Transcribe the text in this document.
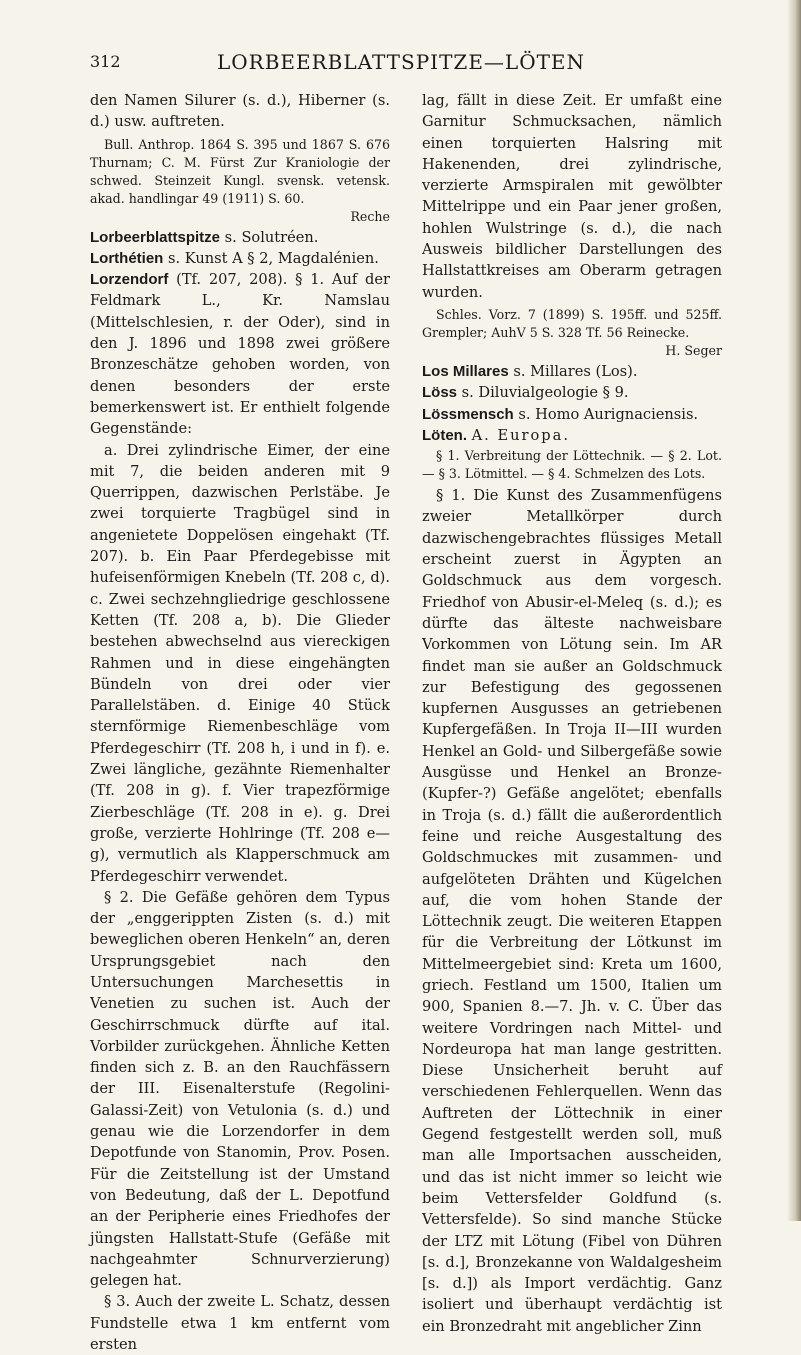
312	LORBEERBLATTSPITZE—LÖTEN

den Namen Silurer (s. d.), Hiberner (s. d.) usw. auftreten.

Bull. Anthrop. 1864 S. 395 und 1867 S. 676 Thurnam; C. M. Fürst Zur Kraniologie der schwed. Steinzeit Kungl. svensk. vetensk. akad. handlingar 49 (1911) S. 60.

Reche

Lorbeerblattspitze s. Solutréen.

Lorthétien s. Kunst A § 2, Magdalénien.

Lorzendorf (Tf. 207, 208). § 1. Auf der Feldmark L., Kr. Namslau (Mittelschlesien, r. der Oder), sind in den J. 1896 und 1898 zwei größere Bronzeschätze gehoben worden, von denen besonders der erste bemerkenswert ist. Er enthielt folgende Gegenstände:

a. Drei zylindrische Eimer, der eine mit 7, die beiden anderen mit 9 Querrippen, dazwischen Perlstäbe. Je zwei torquierte Tragbügel sind in angenietete Doppelösen eingehakt (Tf. 207). b. Ein Paar Pferdegebisse mit hufeisenförmigen Knebeln (Tf. 208 c, d). c. Zwei sechzehngliedrige geschlossene Ketten (Tf. 208 a, b). Die Glieder bestehen abwechselnd aus viereckigen Rahmen und in diese eingehängten Bündeln von drei oder vier Parallelstäben. d. Einige 40 Stück sternförmige Riemenbeschläge vom Pferdegeschirr (Tf. 208 h, i und in f). e. Zwei längliche, gezähnte Riemenhalter (Tf. 208 in g). f. Vier trapezförmige Zierbeschläge (Tf. 208 in e). g. Drei große, verzierte Hohlringe (Tf. 208 e—g), vermutlich als Klapperschmuck am Pferdegeschirr verwendet.

§ 2. Die Gefäße gehören dem Typus der „enggerippten Zisten (s. d.) mit beweglichen oberen Henkeln“ an, deren Ursprungsgebiet nach den Untersuchungen Marchesettis in Venetien zu suchen ist. Auch der Geschirrschmuck dürfte auf ital. Vorbilder zurückgehen. Ähnliche Ketten finden sich z. B. an den Rauchfässern der III. Eisenalterstufe (Regolini-Galassi-Zeit) von Vetulonia (s. d.) und genau wie die Lorzendorfer in dem Depotfunde von Stanomin, Prov. Posen. Für die Zeitstellung ist der Umstand von Bedeutung, daß der L. Depotfund an der Peripherie eines Friedhofes der jüngsten Hallstatt-Stufe (Gefäße mit nachgeahmter Schnurverzierung) gelegen hat.

§ 3. Auch der zweite L. Schatz, dessen Fundstelle etwa 1 km entfernt vom ersten

lag, fällt in diese Zeit. Er umfaßt eine Garnitur Schmucksachen, nämlich einen torquierten Halsring mit Hakenenden, drei zylindrische, verzierte Armspiralen mit gewölbter Mittelrippe und ein Paar jener großen, hohlen Wulstringe (s. d.), die nach Ausweis bildlicher Darstellungen des Hallstattkreises am Oberarm getragen wurden.

Schles. Vorz. 7 (1899) S. 195ff. und 525ff. Grempler; AuhV 5 S. 328 Tf. 56 Reinecke.

H. Seger

Los Millares s. Millares (Los).

Löss s. Diluvialgeologie § 9.

Lössmensch s. Homo Aurignaciensis.

Löten. A. Europa.

§ 1. Verbreitung der Löttechnik. — § 2. Lot. — § 3. Lötmittel. — § 4. Schmelzen des Lots.

§ 1. Die Kunst des Zusammenfügens zweier Metallkörper durch dazwischengebrachtes flüssiges Metall erscheint zuerst in Ägypten an Goldschmuck aus dem vorgesch. Friedhof von Abusir-el-Meleq (s. d.); es dürfte das älteste nachweisbare Vorkommen von Lötung sein. Im AR findet man sie außer an Goldschmuck zur Befestigung des gegossenen kupfernen Ausgusses an getriebenen Kupfergefäßen. In Troja II—III wurden Henkel an Gold- und Silbergefäße sowie Ausgüsse und Henkel an Bronze- (Kupfer-?) Gefäße angelötet; ebenfalls in Troja (s. d.) fällt die außerordentlich feine und reiche Ausgestaltung des Goldschmuckes mit zusammen- und aufgelöteten Drähten und Kügelchen auf, die vom hohen Stande der Löttechnik zeugt. Die weiteren Etappen für die Verbreitung der Lötkunst im Mittelmeergebiet sind: Kreta um 1600, griech. Festland um 1500, Italien um 900, Spanien 8.—7. Jh. v. C. Über das weitere Vordringen nach Mittel- und Nordeuropa hat man lange gestritten. Diese Unsicherheit beruht auf verschiedenen Fehlerquellen. Wenn das Auftreten der Löttechnik in einer Gegend festgestellt werden soll, muß man alle Importsachen ausscheiden, und das ist nicht immer so leicht wie beim Vettersfelder Goldfund (s. Vettersfelde). So sind manche Stücke der LTZ mit Lötung (Fibel von Dühren [s. d.], Bronzekanne von Waldalgesheim [s. d.]) als Import verdächtig. Ganz isoliert und überhaupt verdächtig ist ein Bronzedraht mit angeblicher Zinn
